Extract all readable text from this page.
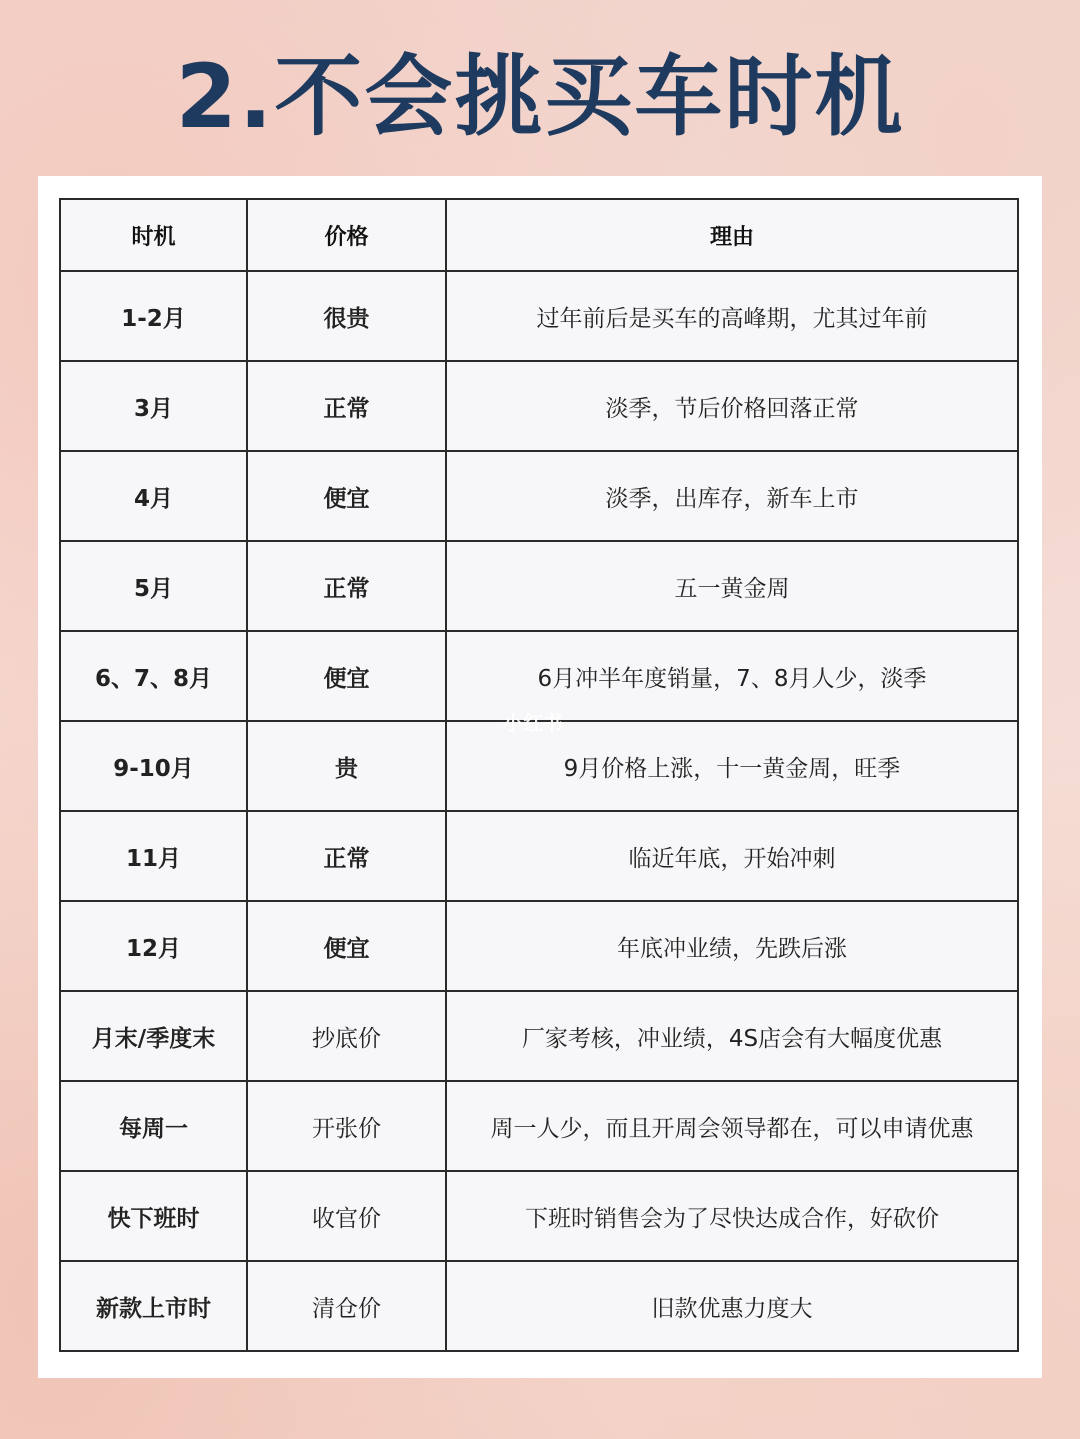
2.不会挑买车时机
时机	价格	理由
1-2月	很贵	过年前后是买车的高峰期，尤其过年前
3月	正常	淡季，节后价格回落正常
4月	便宜	淡季，出库存，新车上市
5月	正常	五一黄金周
6、7、8月	便宜	6月冲半年度销量，7、8月人少，淡季
9-10月	贵	9月价格上涨，十一黄金周，旺季
11月	正常	临近年底，开始冲刺
12月	便宜	年底冲业绩，先跌后涨
月末/季度末	抄底价	厂家考核，冲业绩，4S店会有大幅度优惠
每周一	开张价	周一人少，而且开周会领导都在，可以申请优惠
快下班时	收官价	下班时销售会为了尽快达成合作，好砍价
新款上市时	清仓价	旧款优惠力度大
小红书
